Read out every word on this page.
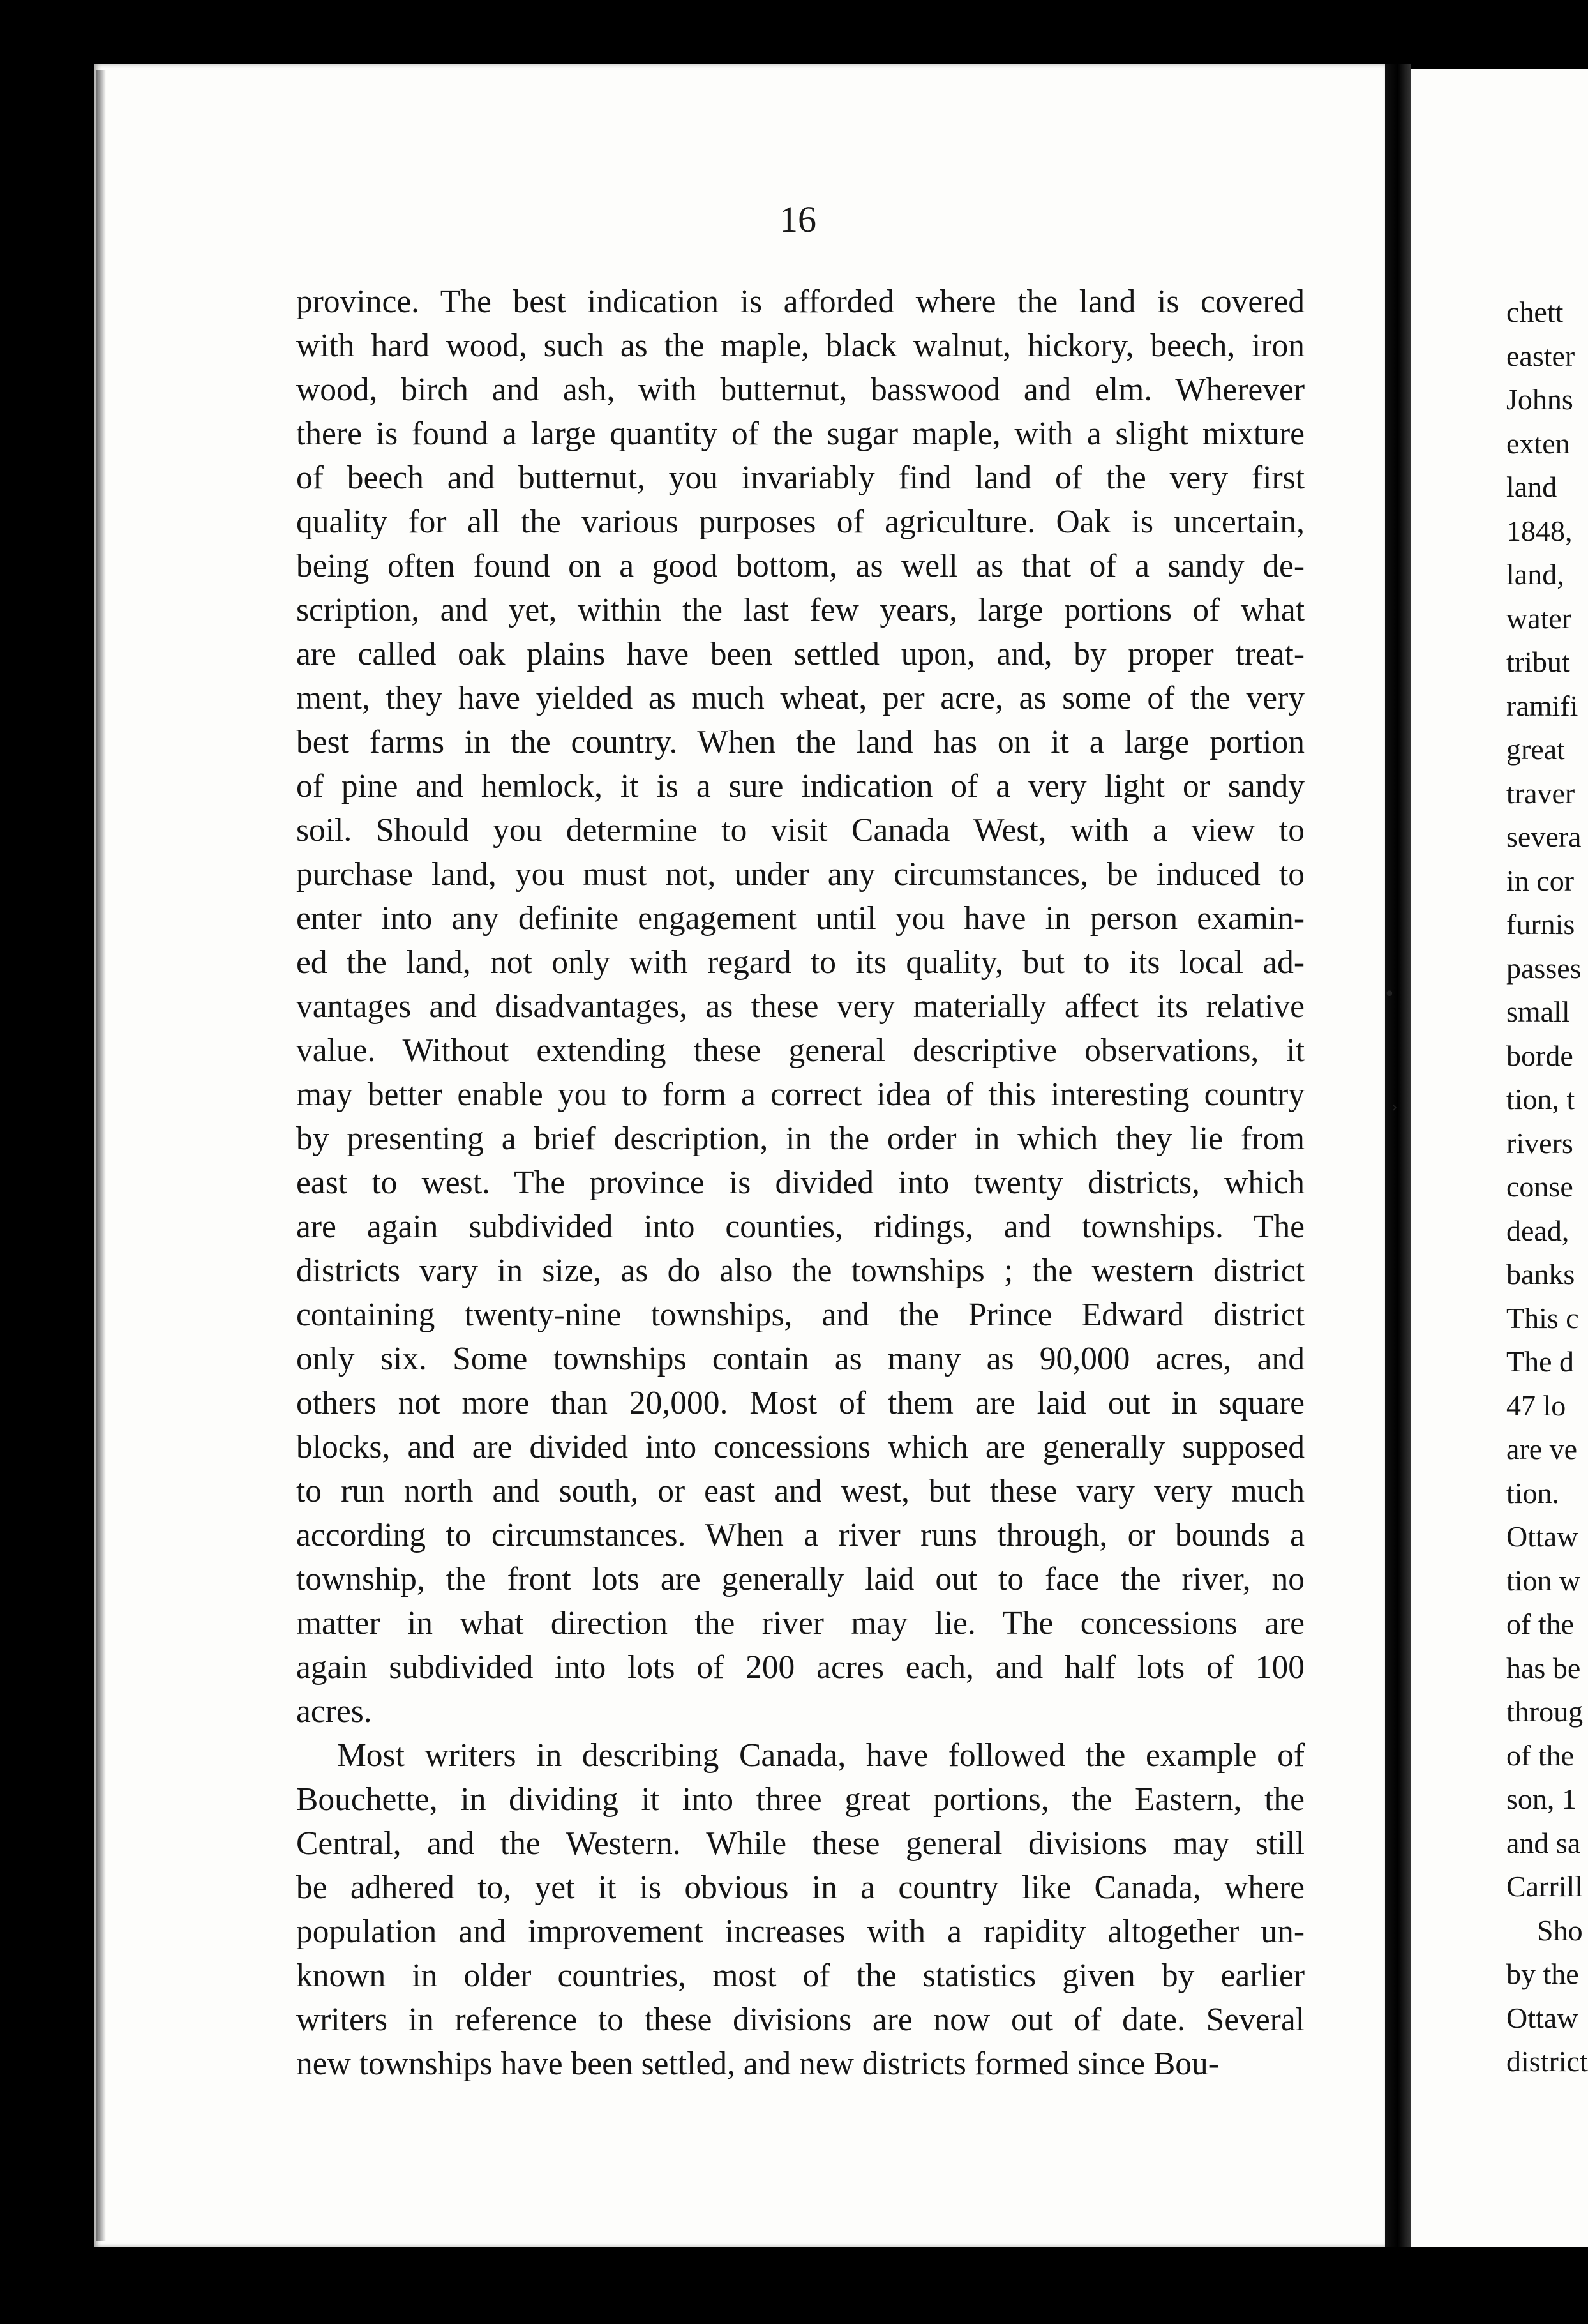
16
province. The best indication is afforded where the land is covered
with hard wood, such as the maple, black walnut, hickory, beech, iron
wood, birch and ash, with butternut, basswood and elm. Wherever
there is found a large quantity of the sugar maple, with a slight mixture
of beech and butternut, you invariably find land of the very first
quality for all the various purposes of agriculture. Oak is uncertain,
being often found on a good bottom, as well as that of a sandy de-
scription, and yet, within the last few years, large portions of what
are called oak plains have been settled upon, and, by proper treat-
ment, they have yielded as much wheat, per acre, as some of the very
best farms in the country. When the land has on it a large portion
of pine and hemlock, it is a sure indication of a very light or sandy
soil. Should you determine to visit Canada West, with a view to
purchase land, you must not, under any circumstances, be induced to
enter into any definite engagement until you have in person examin-
ed the land, not only with regard to its quality, but to its local ad-
vantages and disadvantages, as these very materially affect its relative
value. Without extending these general descriptive observations, it
may better enable you to form a correct idea of this interesting country
by presenting a brief description, in the order in which they lie from
east to west. The province is divided into twenty districts, which
are again subdivided into counties, ridings, and townships. The
districts vary in size, as do also the townships ; the western district
containing twenty-nine townships, and the Prince Edward district
only six. Some townships contain as many as 90,000 acres, and
others not more than 20,000. Most of them are laid out in square
blocks, and are divided into concessions which are generally supposed
to run north and south, or east and west, but these vary very much
according to circumstances. When a river runs through, or bounds a
township, the front lots are generally laid out to face the river, no
matter in what direction the river may lie. The concessions are
again subdivided into lots of 200 acres each, and half lots of 100
acres.
Most writers in describing Canada, have followed the example of
Bouchette, in dividing it into three great portions, the Eastern, the
Central, and the Western. While these general divisions may still
be adhered to, yet it is obvious in a country like Canada, where
population and improvement increases with a rapidity altogether un-
known in older countries, most of the statistics given by earlier
writers in reference to these divisions are now out of date. Several
new townships have been settled, and new districts formed since Bou-
chett
easter
Johns
exten
land
1848,
land,
water
tribut
ramifi
great
traver
severa
in cor
furnis
passes
small
borde
tion, t
rivers
conse
dead,
banks
This c
The d
47 lo
are ve
tion.
Ottaw
tion w
of the
has be
throug
of the
son, 1
and sa
Carrill
Sho
by the
Ottaw
district
•
›
